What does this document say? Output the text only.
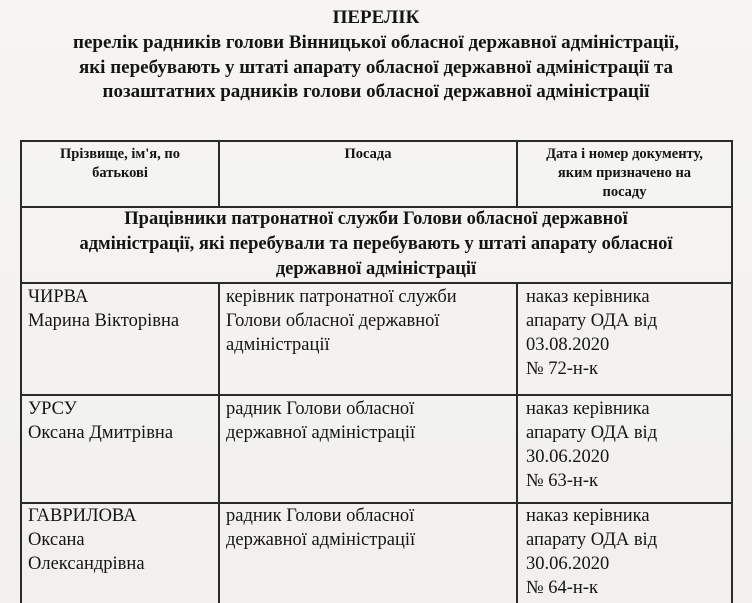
ПЕРЕЛІК
перелік радників голови Вінницької обласної державної адміністрації,
які перебувають у штаті апарату обласної державної адміністрації та
позаштатних радників голови обласної державної адміністрації
Прізвище, ім'я, по
батькові
Посада	Дата і номер документу,
яким призначено на
посаду
Працівники патронатної служби Голови обласної державної
адміністрації, які перебували та перебувають у штаті апарату обласної
державної адміністрації
ЧИРВА
Марина Вікторівна
керівник патронатної служби
Голови обласної державної
адміністрації
наказ керівника
апарату ОДА від
03.08.2020
№ 72-н-к
УРСУ
Оксана Дмитрівна
радник Голови обласної
державної адміністрації
наказ керівника
апарату ОДА від
30.06.2020
№ 63-н-к
ГАВРИЛОВА
Оксана
Олександрівна
радник Голови обласної
державної адміністрації
наказ керівника
апарату ОДА від
30.06.2020
№ 64-н-к
